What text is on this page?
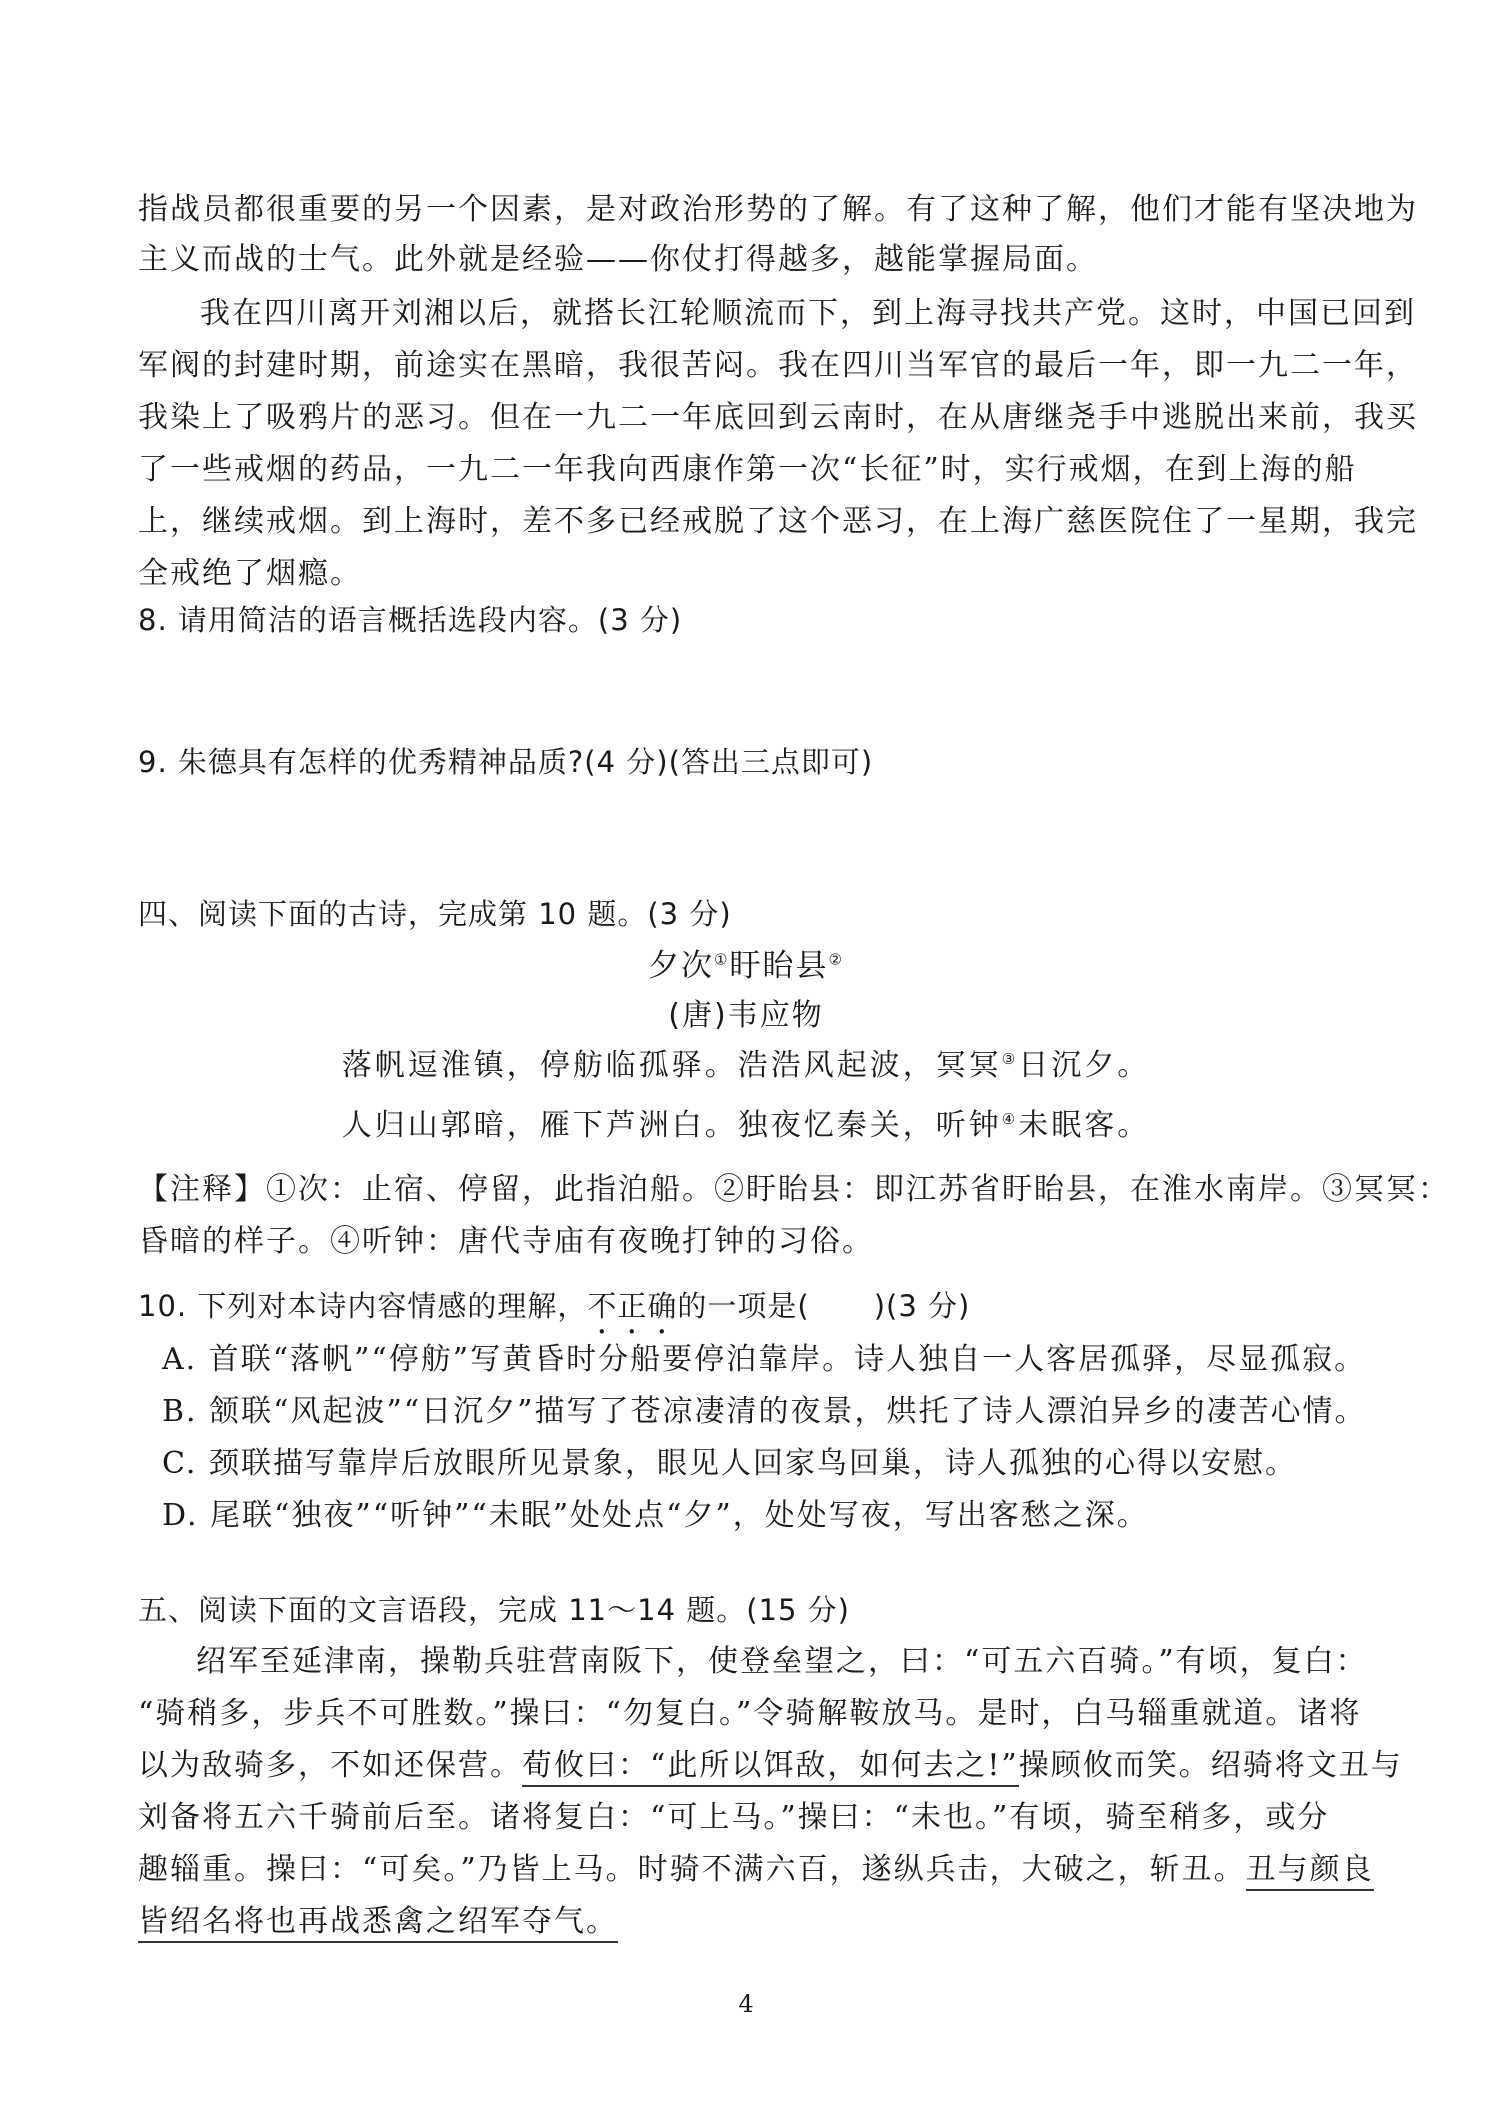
指战员都很重要的另一个因素，是对政治形势的了解。有了这种了解，他们才能有坚决地为
主义而战的士气。此外就是经验——你仗打得越多，越能掌握局面。
我在四川离开刘湘以后，就搭长江轮顺流而下，到上海寻找共产党。这时，中国已回到
军阀的封建时期，前途实在黑暗，我很苦闷。我在四川当军官的最后一年，即一九二一年，
我染上了吸鸦片的恶习。但在一九二一年底回到云南时，在从唐继尧手中逃脱出来前，我买
了一些戒烟的药品，一九二一年我向西康作第一次“长征”时，实行戒烟，在到上海的船
上，继续戒烟。到上海时，差不多已经戒脱了这个恶习，在上海广慈医院住了一星期，我完
全戒绝了烟瘾。
8. 请用简洁的语言概括选段内容。(3 分)
9. 朱德具有怎样的优秀精神品质?(4 分)(答出三点即可)
四、阅读下面的古诗，完成第 10 题。(3 分)
夕次①盱眙县②
(唐)韦应物
落帆逗淮镇，停舫临孤驿。浩浩风起波，冥冥③日沉夕。
人归山郭暗，雁下芦洲白。独夜忆秦关，听钟④未眠客。
【注释】①次：止宿、停留，此指泊船。②盱眙县：即江苏省盱眙县，在淮水南岸。③冥冥：
昏暗的样子。④听钟：唐代寺庙有夜晚打钟的习俗。
10. 下列对本诗内容情感的理解，不正确的一项是( )(3 分)
A. 首联“落帆”“停舫”写黄昏时分船要停泊靠岸。诗人独自一人客居孤驿，尽显孤寂。
B. 颔联“风起波”“日沉夕”描写了苍凉凄清的夜景，烘托了诗人漂泊异乡的凄苦心情。
C. 颈联描写靠岸后放眼所见景象，眼见人回家鸟回巢，诗人孤独的心得以安慰。
D. 尾联“独夜”“听钟”“未眠”处处点“夕”，处处写夜，写出客愁之深。
五、阅读下面的文言语段，完成 11～14 题。(15 分)
绍军至延津南，操勒兵驻营南阪下，使登垒望之，曰：“可五六百骑。”有顷，复白：
“骑稍多，步兵不可胜数。”操曰：“勿复白。”令骑解鞍放马。是时，白马辎重就道。诸将
以为敌骑多，不如还保营。荀攸曰：“此所以饵敌，如何去之!”操顾攸而笑。绍骑将文丑与
刘备将五六千骑前后至。诸将复白：“可上马。”操曰：“未也。”有顷，骑至稍多，或分
趣辎重。操曰：“可矣。”乃皆上马。时骑不满六百，遂纵兵击，大破之，斩丑。丑与颜良
皆绍名将也再战悉禽之绍军夺气。
4
